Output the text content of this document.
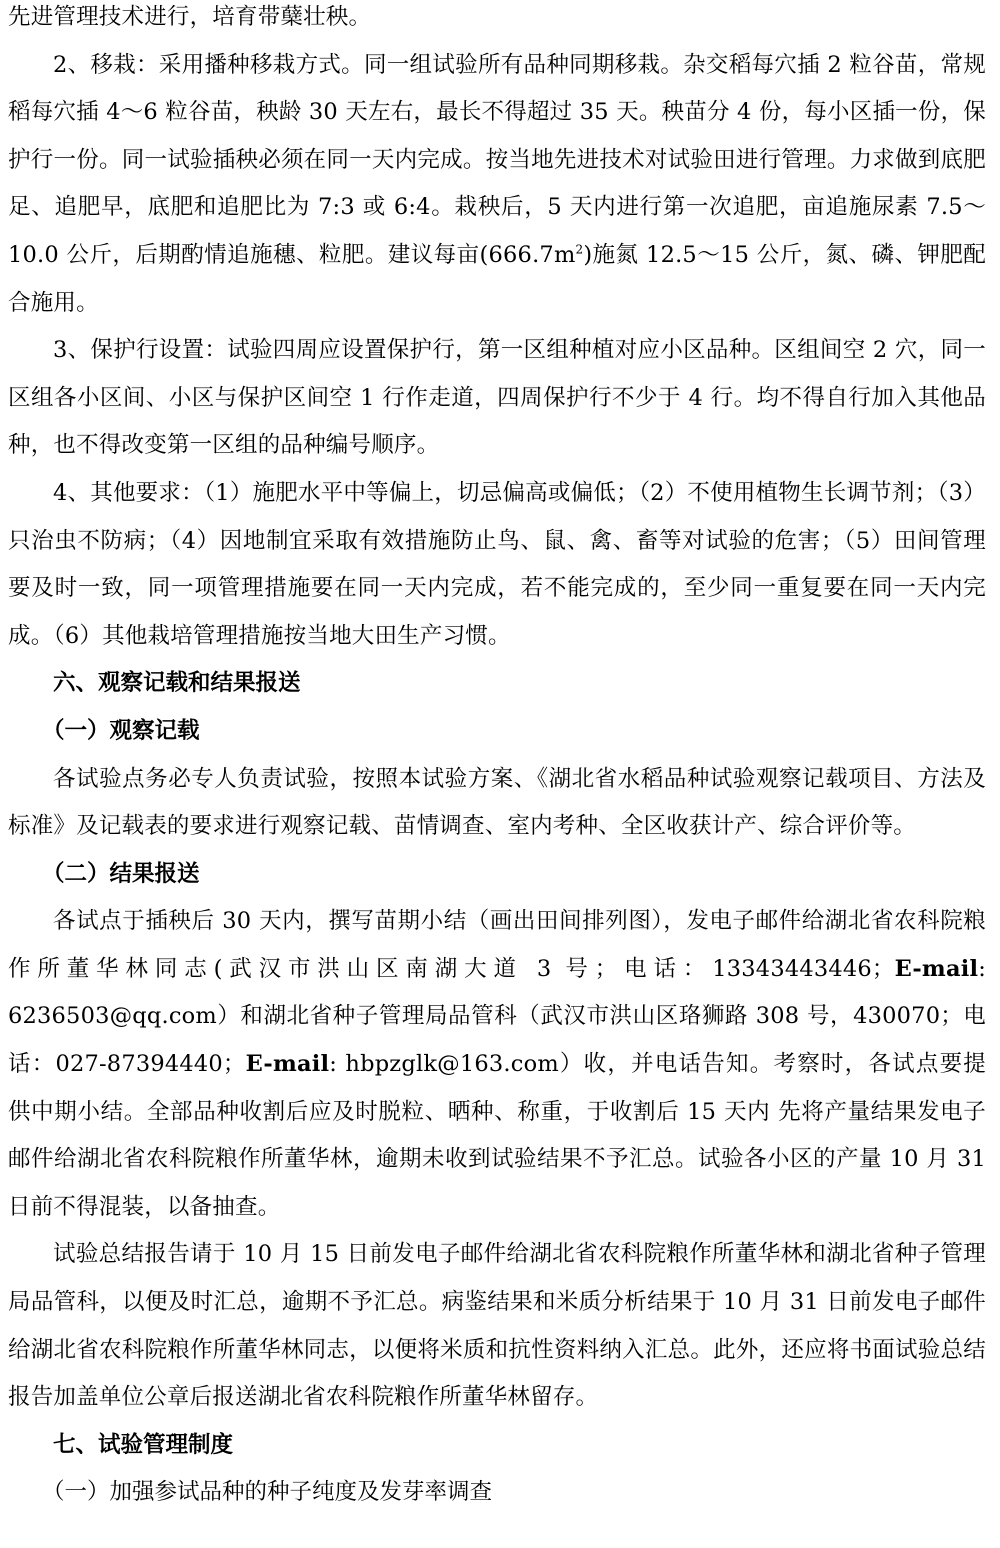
先进管理技术进行，培育带蘖壮秧。

2、移栽：采用播种移栽方式。同一组试验所有品种同期移栽。杂交稻每穴插 2 粒谷苗，常规稻每穴插 4～6 粒谷苗，秧龄 30 天左右，最长不得超过 35 天。秧苗分 4 份，每小区插一份，保护行一份。同一试验插秧必须在同一天内完成。按当地先进技术对试验田进行管理。力求做到底肥足、追肥早，底肥和追肥比为 7:3 或 6:4。栽秧后，5 天内进行第一次追肥，亩追施尿素 7.5～10.0 公斤，后期酌情追施穗、粒肥。建议每亩$(666.7m^2)$施氮 12.5～15 公斤，氮、磷、钾肥配合施用。

3、保护行设置：试验四周应设置保护行，第一区组种植对应小区品种。区组间空 2 穴，同一区组各小区间、小区与保护区间空 1 行作走道，四周保护行不少于 4 行。均不得自行加入其他品种，也不得改变第一区组的品种编号顺序。

4、其他要求：（1）施肥水平中等偏上，切忌偏高或偏低；（2）不使用植物生长调节剂；（3）只治虫不防病；（4）因地制宜采取有效措施防止鸟、鼠、禽、畜等对试验的危害；（5）田间管理要及时一致，同一项管理措施要在同一天内完成，若不能完成的，至少同一重复要在同一天内完成。（6）其他栽培管理措施按当地大田生产习惯。

六、观察记载和结果报送

（一）观察记载

各试验点务必专人负责试验，按照本试验方案、《湖北省水稻品种试验观察记载项目、方法及标准》及记载表的要求进行观察记载、苗情调查、室内考种、全区收获计产、综合评价等。

（二）结果报送

各试点于插秧后 30 天内，撰写苗期小结（画出田间排列图），发电子邮件给湖北省农科院粮作所董华林同志(武汉市洪山区南湖大道 3 号；电话：13343443446；E-mail: 6236503@qq.com）和湖北省种子管理局品管科（武汉市洪山区珞狮路 308 号，430070；电话：027-87394440；E-mail: hbpzglk@163.com）收，并电话告知。考察时，各试点要提供中期小结。全部品种收割后应及时脱粒、晒种、称重，于收割后 15 天内 先将产量结果发电子邮件给湖北省农科院粮作所董华林，逾期未收到试验结果不予汇总。试验各小区的产量 10 月 31 日前不得混装，以备抽查。

试验总结报告请于 10 月 15 日前发电子邮件给湖北省农科院粮作所董华林和湖北省种子管理局品管科，以便及时汇总，逾期不予汇总。病鉴结果和米质分析结果于 10 月 31 日前发电子邮件给湖北省农科院粮作所董华林同志，以便将米质和抗性资料纳入汇总。此外，还应将书面试验总结报告加盖单位公章后报送湖北省农科院粮作所董华林留存。

七、试验管理制度

（一）加强参试品种的种子纯度及发芽率调查
